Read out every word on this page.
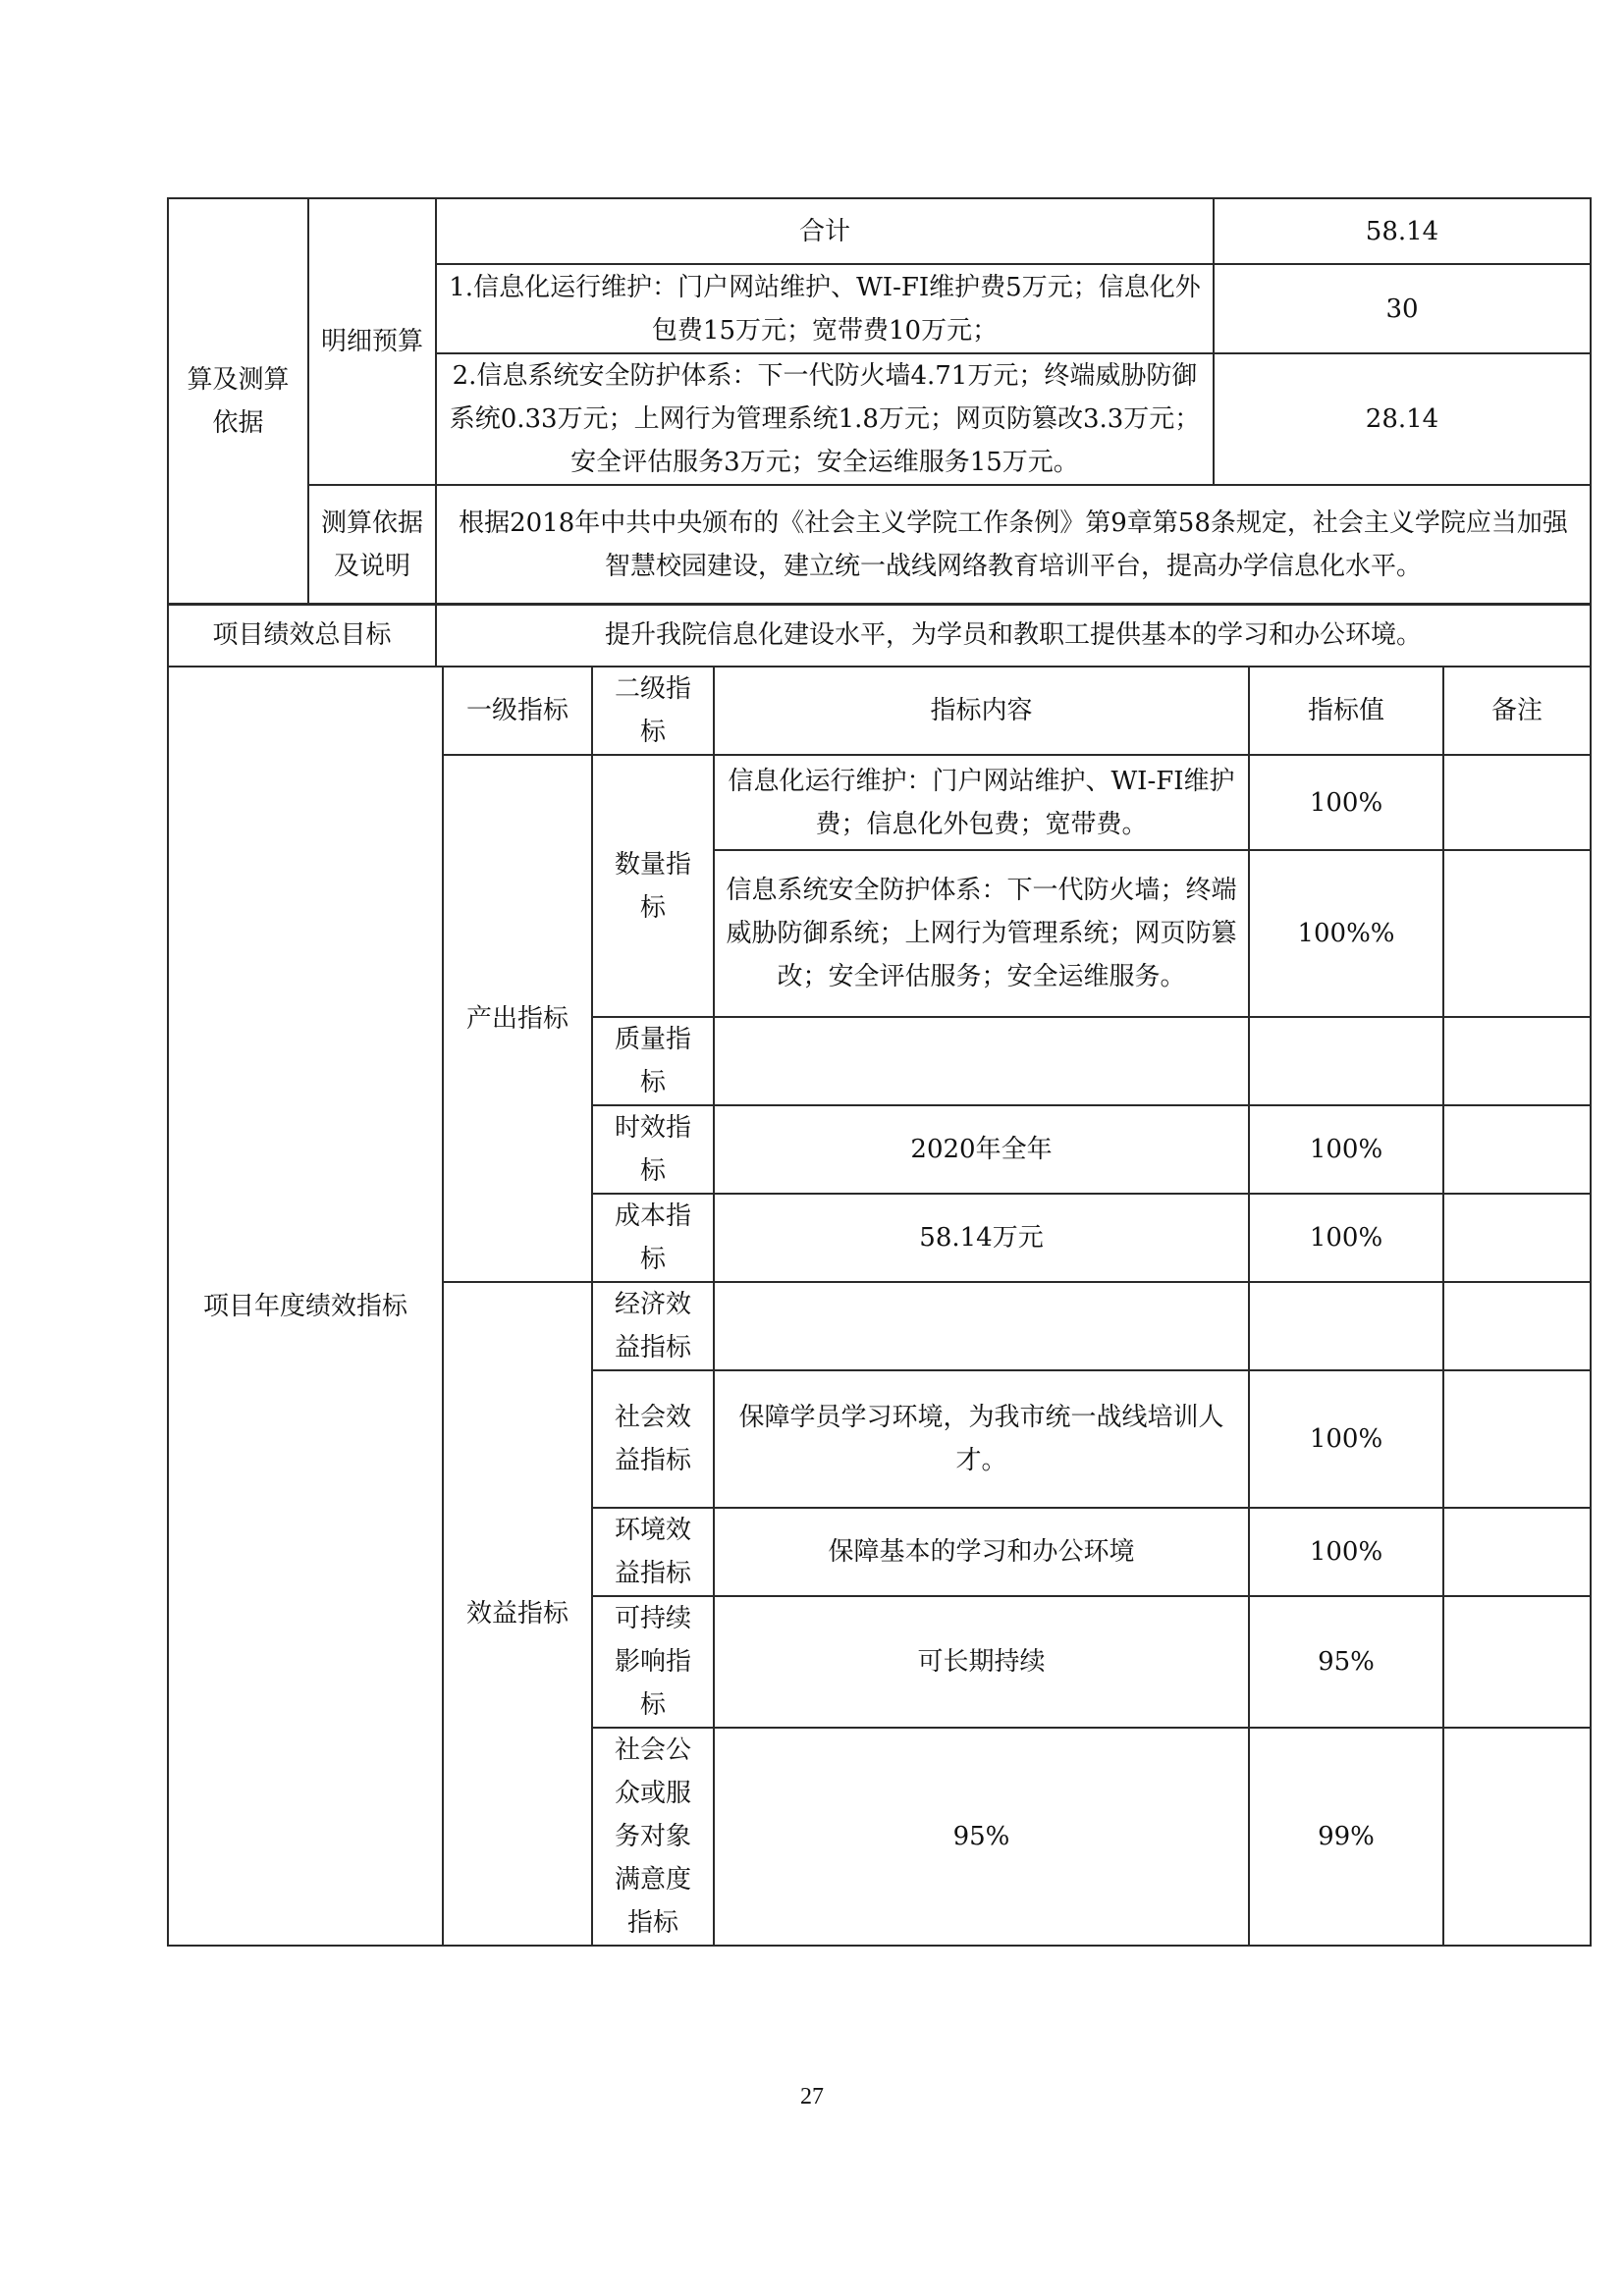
算及测算依据	明细预算	合计	58.14
		1.信息化运行维护：门户网站维护、WI-FI维护费5万元；信息化外包费15万元；宽带费10万元；	30
		2.信息系统安全防护体系：下一代防火墙4.71万元；终端威胁防御系统0.33万元；上网行为管理系统1.8万元；网页防篡改3.3万元；安全评估服务3万元；安全运维服务15万元。	28.14
	测算依据及说明	根据2018年中共中央颁布的《社会主义学院工作条例》第9章第58条规定，社会主义学院应当加强智慧校园建设，建立统一战线网络教育培训平台，提高办学信息化水平。	
项目绩效总目标	提升我院信息化建设水平，为学员和教职工提供基本的学习和办公环境。
项目年度绩效指标	一级指标	二级指标	指标内容	指标值	备注
	产出指标	数量指标	信息化运行维护：门户网站维护、WI-FI维护费；信息化外包费；宽带费。	100%	
			信息系统安全防护体系：下一代防火墙；终端威胁防御系统；上网行为管理系统；网页防篡改；安全评估服务；安全运维服务。	100%%	
		质量指标			
		时效指标	2020年全年	100%	
		成本指标	58.14万元	100%	

	效益指标	经济效益指标			
		社会效益指标	保障学员学习环境，为我市统一战线培训人才。	100%	
		环境效益指标	保障基本的学习和办公环境	100%	
		可持续影响指标	可长期持续	95%	
		社会公众或服务对象满意度指标	95%	99%	

27
